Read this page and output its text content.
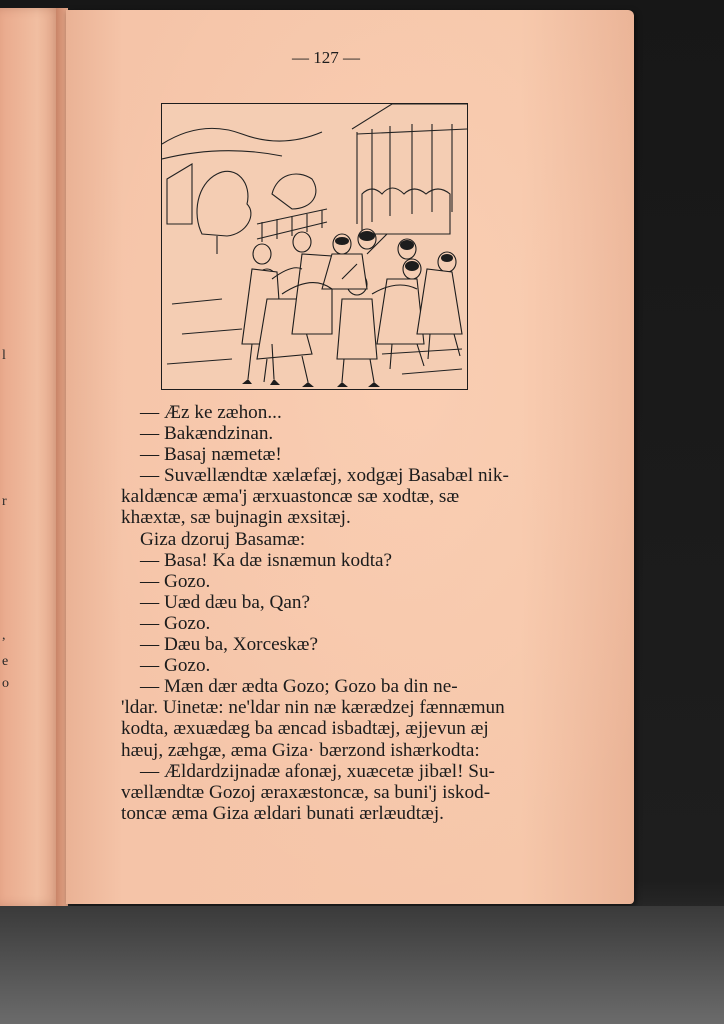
l
r
,
e
o
— 127 —
— Æz ke zæhon...
— Bakændzinan.
— Basaj næmetæ!
— Suvællændtæ xælæfæj, xodgæj Basabæl nik-
kaldæncæ æma'j ærxuastoncæ sæ xodtæ, sæ
khæxtæ, sæ bujnagin æxsitæj.
Giza dzoruj Basamæ:
— Basa! Ka dæ isnæmun kodta?
— Gozo.
— Uæd dæu ba, Qan?
— Gozo.
— Dæu ba, Xorceskæ?
— Gozo.
— Mæn dær ædta Gozo; Gozo ba din ne-
'ldar. Uinetæ: ne'ldar nin næ kærædzej fænnæmun
kodta, æxuædæg ba æncad isbadtæj, æjjevun æj
hæuj, zæhgæ, æma Giza· bærzond ishærkodta:
— Ældardzijnadæ afonæj, xuæcetæ jibæl! Su-
vællændtæ Gozoj æraxæstoncæ, sa buni'j iskod-
toncæ æma Giza ældari bunati ærlæudtæj.
